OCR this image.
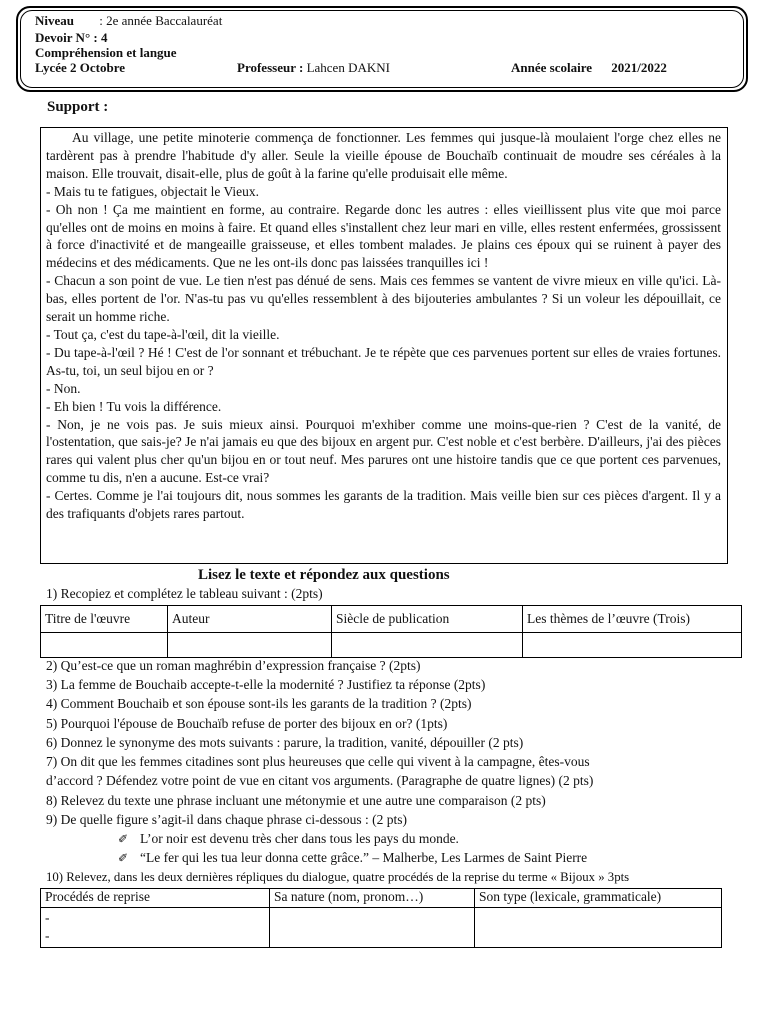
Niveau : 2e année Baccalauréat
Devoir N° : 4
Compréhension et langue
Lycée 2 Octobre	Professeur : Lahcen DAKNI	Année scolaire 2021/2022
Support :

Au village, une petite minoterie commença de fonctionner. Les femmes qui jusque-là moulaient l'orge chez elles ne tardèrent pas à prendre l'habitude d'y aller. Seule la vieille épouse de Bouchaïb continuait de moudre ses céréales à la maison. Elle trouvait, disait-elle, plus de goût à la farine qu'elle produisait elle même.

- Mais tu te fatigues, objectait le Vieux.

- Oh non ! Ça me maintient en forme, au contraire. Regarde donc les autres : elles vieillissent plus vite que moi parce qu'elles ont de moins en moins à faire. Et quand elles s'installent chez leur mari en ville, elles restent enfermées, grossissent à force d'inactivité et de mangeaille graisseuse, et elles tombent malades. Je plains ces époux qui se ruinent à payer des médecins et des médicaments. Que ne les ont-ils donc pas laissées tranquilles ici !

- Chacun a son point de vue. Le tien n'est pas dénué de sens. Mais ces femmes se vantent de vivre mieux en ville qu'ici. Là-bas, elles portent de l'or. N'as-tu pas vu qu'elles ressemblent à des bijouteries ambulantes ? Si un voleur les dépouillait, ce serait un homme riche.

- Tout ça, c'est du tape-à-l'œil, dit la vieille.

- Du tape-à-l'œil ? Hé ! C'est de l'or sonnant et trébuchant. Je te répète que ces parvenues portent sur elles de vraies fortunes. As-tu, toi, un seul bijou en or ?

- Non.

- Eh bien ! Tu vois la différence.

- Non, je ne vois pas. Je suis mieux ainsi. Pourquoi m'exhiber comme une moins-que-rien ? C'est de la vanité, de l'ostentation, que sais-je? Je n'ai jamais eu que des bijoux en argent pur. C'est noble et c'est berbère. D'ailleurs, j'ai des pièces rares qui valent plus cher qu'un bijou en or tout neuf. Mes parures ont une histoire tandis que ce que portent ces parvenues, comme tu dis, n'en a aucune. Est-ce vrai?

- Certes. Comme je l'ai toujours dit, nous sommes les garants de la tradition. Mais veille bien sur ces pièces d'argent. Il y a des trafiquants d'objets rares partout.

Lisez le texte et répondez aux questions
1) Recopiez et complétez le tableau suivant : (2pts)
Titre de l'œuvre	Auteur	Siècle de publication	Les thèmes de l’œuvre (Trois)

2) Qu’est-ce que un roman maghrébin d’expression française ? (2pts)
3) La femme de Bouchaib accepte-t-elle la modernité ? Justifiez ta réponse (2pts)
4) Comment Bouchaib et son épouse sont-ils les garants de la tradition ? (2pts)
5) Pourquoi l'épouse de Bouchaïb refuse de porter des bijoux en or? (1pts)
6) Donnez le synonyme des mots suivants : parure, la tradition, vanité, dépouiller (2 pts)
7) On dit que les femmes citadines sont plus heureuses que celle qui vivent à la campagne, êtes-vous
d’accord ? Défendez votre point de vue en citant vos arguments. (Paragraphe de quatre lignes) (2 pts)
8) Relevez du texte une phrase incluant une métonymie et une autre une comparaison (2 pts)
9) De quelle figure s’agit-il dans chaque phrase ci-dessous : (2 pts)
✐ L’or noir est devenu très cher dans tous les pays du monde.
✐ “Le fer qui les tua leur donna cette grâce.” – Malherbe, Les Larmes de Saint Pierre
10) Relevez, dans les deux dernières répliques du dialogue, quatre procédés de la reprise du terme « Bijoux » 3pts
Procédés de reprise	Sa nature (nom, pronom…)	Son type (lexicale, grammaticale)

-
-		
